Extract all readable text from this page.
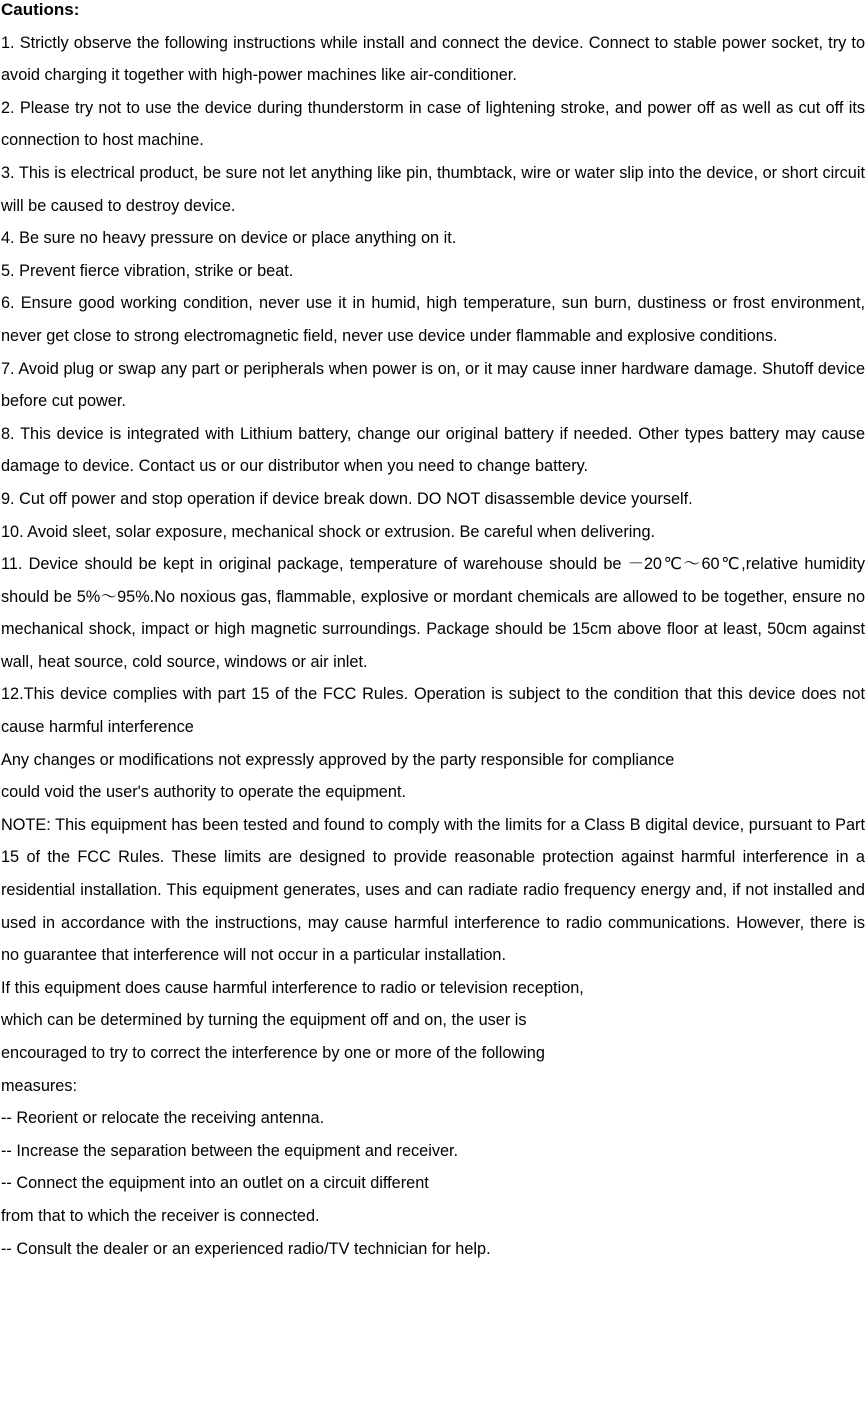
Cautions:

1. Strictly observe the following instructions while install and connect the device. Connect to stable power socket, try to avoid charging it together with high-power machines like air-conditioner.

2. Please try not to use the device during thunderstorm in case of lightening stroke, and power off as well as cut off its connection to host machine.

3. This is electrical product, be sure not let anything like pin, thumbtack, wire or water slip into the device, or short circuit will be caused to destroy device.

4. Be sure no heavy pressure on device or place anything on it.

5. Prevent fierce vibration, strike or beat.

6. Ensure good working condition, never use it in humid, high temperature, sun burn, dustiness or frost environment, never get close to strong electromagnetic field, never use device under flammable and explosive conditions.

7. Avoid plug or swap any part or peripherals when power is on, or it may cause inner hardware damage. Shutoff device before cut power.

8. This device is integrated with Lithium battery, change our original battery if needed. Other types battery may cause damage to device. Contact us or our distributor when you need to change battery.

9. Cut off power and stop operation if device break down. DO NOT disassemble device yourself.

10. Avoid sleet, solar exposure, mechanical shock or extrusion. Be careful when delivering.

11. Device should be kept in original package, temperature of warehouse should be －20℃～60℃,relative humidity should be 5%～95%.No noxious gas, flammable, explosive or mordant chemicals are allowed to be together, ensure no mechanical shock, impact or high magnetic surroundings. Package should be 15cm above floor at least, 50cm against wall, heat source, cold source, windows or air inlet.

12.This device complies with part 15 of the FCC Rules. Operation is subject to the condition that this device does not cause harmful interference

Any changes or modifications not expressly approved by the party responsible for compliance

could void the user's authority to operate the equipment.

NOTE: This equipment has been tested and found to comply with the limits for a Class B digital device, pursuant to Part 15 of the FCC Rules. These limits are designed to provide reasonable protection against harmful interference in a residential installation. This equipment generates, uses and can radiate radio frequency energy and, if not installed and used in accordance with the instructions, may cause harmful interference to radio communications. However, there is no guarantee that interference will not occur in a particular installation.

If this equipment does cause harmful interference to radio or television reception,

which can be determined by turning the equipment off and on, the user is

encouraged to try to correct the interference by one or more of the following

measures:

-- Reorient or relocate the receiving antenna.

-- Increase the separation between the equipment and receiver.

-- Connect the equipment into an outlet on a circuit different

from that to which the receiver is connected.

-- Consult the dealer or an experienced radio/TV technician for help.
